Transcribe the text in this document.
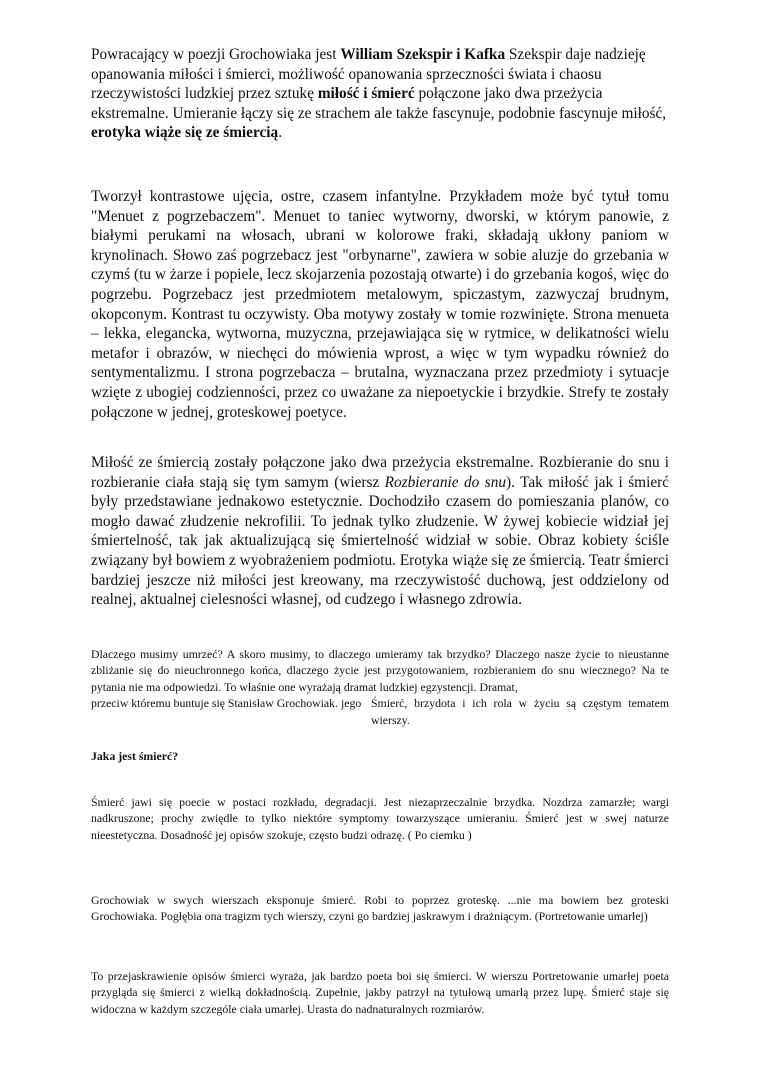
Powracający w poezji Grochowiaka jest William Szekspir i Kafka Szekspir daje nadzieję opanowania miłości i śmierci, możliwość opanowania sprzeczności świata i chaosu rzeczywistości ludzkiej przez sztukę miłość i śmierć połączone jako dwa przeżycia ekstremalne. Umieranie łączy się ze strachem ale także fascynuje, podobnie fascynuje miłość, erotyka wiąże się ze śmiercią.

Tworzył kontrastowe ujęcia, ostre, czasem infantylne. Przykładem może być tytuł tomu "Menuet z pogrzebaczem". Menuet to taniec wytworny, dworski, w którym panowie, z białymi perukami na włosach, ubrani w kolorowe fraki, składają ukłony paniom w krynolinach. Słowo zaś pogrzebacz jest "orbynarne", zawiera w sobie aluzje do grzebania w czymś (tu w żarze i popiele, lecz skojarzenia pozostają otwarte) i do grzebania kogoś, więc do pogrzebu. Pogrzebacz jest przedmiotem metalowym, spiczastym, zazwyczaj brudnym, okopconym. Kontrast tu oczywisty. Oba motywy zostały w tomie rozwinięte. Strona menueta – lekka, elegancka, wytworna, muzyczna, przejawiająca się w rytmice, w delikatności wielu metafor i obrazów, w niechęci do mówienia wprost, a więc w tym wypadku również do sentymentalizmu. I strona pogrzebacza – brutalna, wyznaczana przez przedmioty i sytuacje wzięte z ubogiej codzienności, przez co uważane za niepoetyckie i brzydkie. Strefy te zostały połączone w jednej, groteskowej poetyce.

Miłość ze śmiercią zostały połączone jako dwa przeżycia ekstremalne. Rozbieranie do snu i rozbieranie ciała stają się tym samym (wiersz Rozbieranie do snu). Tak miłość jak i śmierć były przedstawiane jednakowo estetycznie. Dochodziło czasem do pomieszania planów, co mogło dawać złudzenie nekrofilii. To jednak tylko złudzenie. W żywej kobiecie widział jej śmiertelność, tak jak aktualizującą się śmiertelność widział w sobie. Obraz kobiety ściśle związany był bowiem z wyobrażeniem podmiotu. Erotyka wiąże się ze śmiercią. Teatr śmierci bardziej jeszcze niż miłości jest kreowany, ma rzeczywistość duchową, jest oddzielony od realnej, aktualnej cielesności własnej, od cudzego i własnego zdrowia.

Dlaczego musimy umrzeć? A skoro musimy, to dlaczego umieramy tak brzydko? Dlaczego nasze życie to nieustanne zbliżanie się do nieuchronnego końca, dlaczego życie jest przygotowaniem, rozbieraniem do snu wiecznego? Na te pytania nie ma odpowiedzi. To właśnie one wyrażają dramat ludzkiej egzystencji. Dramat,
przeciw któremu buntuje się Stanisław Grochowiak. jego Śmierć, brzydota i ich rola w życiu są częstym tematem wierszy.

Jaka jest śmierć?

Śmierć jawi się poecie w postaci rozkładu, degradacji. Jest niezaprzeczalnie brzydka. Nozdrza zamarzłe; wargi nadkruszone; prochy zwiędłe to tylko niektóre symptomy towarzyszące umieraniu. Śmierć jest w swej naturze nieestetyczna. Dosadność jej opisów szokuje, często budzi odrazę. ( Po ciemku )

Grochowiak w swych wierszach eksponuje śmierć. Robi to poprzez groteskę. ...nie ma bowiem bez groteski Grochowiaka. Pogłębia ona tragizm tych wierszy, czyni go bardziej jaskrawym i drażniącym. (Portretowanie umarłej)

To przejaskrawienie opisów śmierci wyraża, jak bardzo poeta boi się śmierci. W wierszu Portretowanie umarłej poeta przygląda się śmierci z wielką dokładnością. Zupełnie, jakby patrzył na tytułową umarłą przez lupę. Śmierć staje się widoczna w każdym szczególe ciała umarłej. Urasta do nadnaturalnych rozmiarów.
